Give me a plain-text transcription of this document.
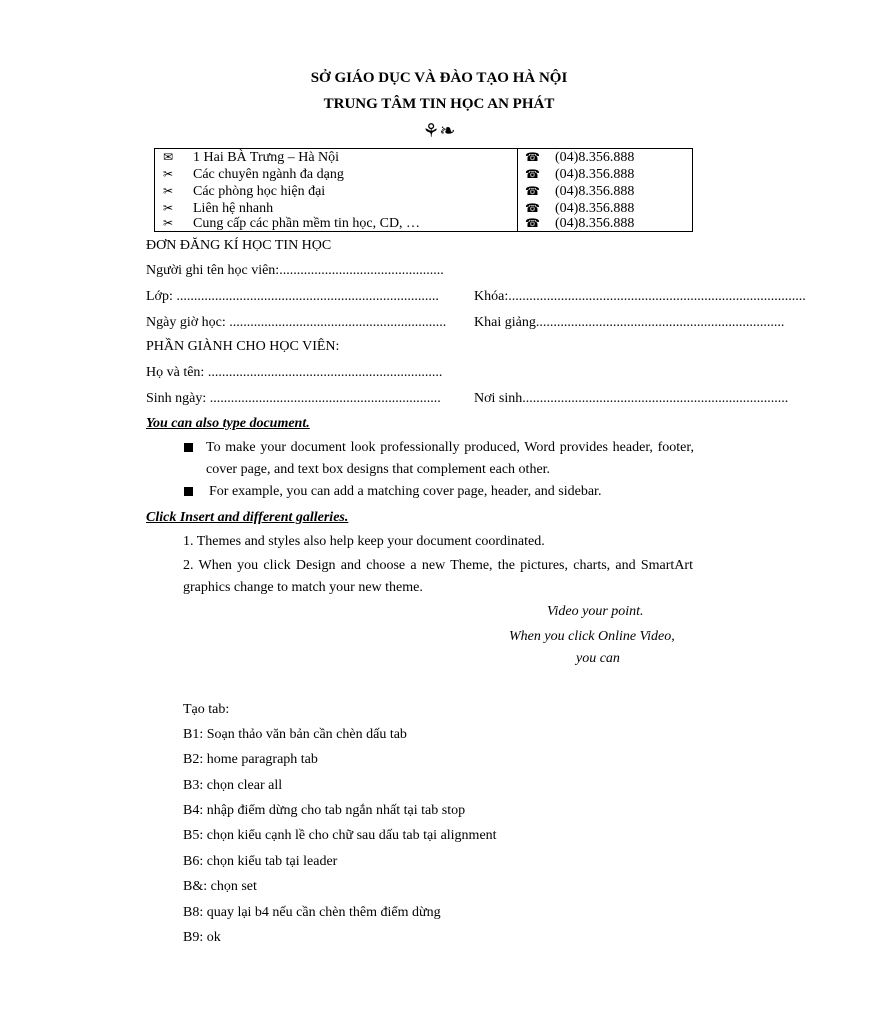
SỞ GIÁO DỤC VÀ ĐÀO TẠO HÀ NỘI
TRUNG TÂM TIN HỌC AN PHÁT
⚘❧
✉	1 Hai BÀ Trưng – Hà Nội	☎ (04)8.356.888
✂	Các chuyên ngành đa dạng	☎ (04)8.356.888
✂	Các phòng học hiện đại	☎ (04)8.356.888
✂	Liên hệ nhanh	☎ (04)8.356.888
✂	Cung cấp các phần mềm tin học, CD, …	☎ (04)8.356.888
ĐƠN ĐĂNG KÍ HỌC TIN HỌC
Người ghi tên học viên:...............................................
Lớp: ...........................................................................	Khóa:.....................................................................................
Ngày giờ học: .............................................................. Khai giảng.......................................................................
PHẦN GIÀNH CHO HỌC VIÊN:
Họ và tên: ...................................................................
Sinh ngày: .................................................................. Nơi sinh............................................................................
You can also type document.
To make your document look professionally produced, Word provides header, footer, cover page, and text box designs that complement each other.
For example, you can add a matching cover page, header, and sidebar.
Click Insert and different galleries.
1. Themes and styles also help keep your document coordinated.
2. When you click Design and choose a new Theme, the pictures, charts, and SmartArt graphics change to match your new theme.
Video your point.
When you click Online Video,
you can
Tạo tab:
B1: Soạn thảo văn bản cần chèn dấu tab
B2: home paragraph tab
B3: chọn clear all
B4: nhập điểm dừng cho tab ngắn nhất tại tab stop
B5: chọn kiểu cạnh lề cho chữ sau dấu tab tại alignment
B6: chọn kiểu tab tại leader
B&: chọn set
B8: quay lại b4 nếu cần chèn thêm điểm dừng
B9: ok
